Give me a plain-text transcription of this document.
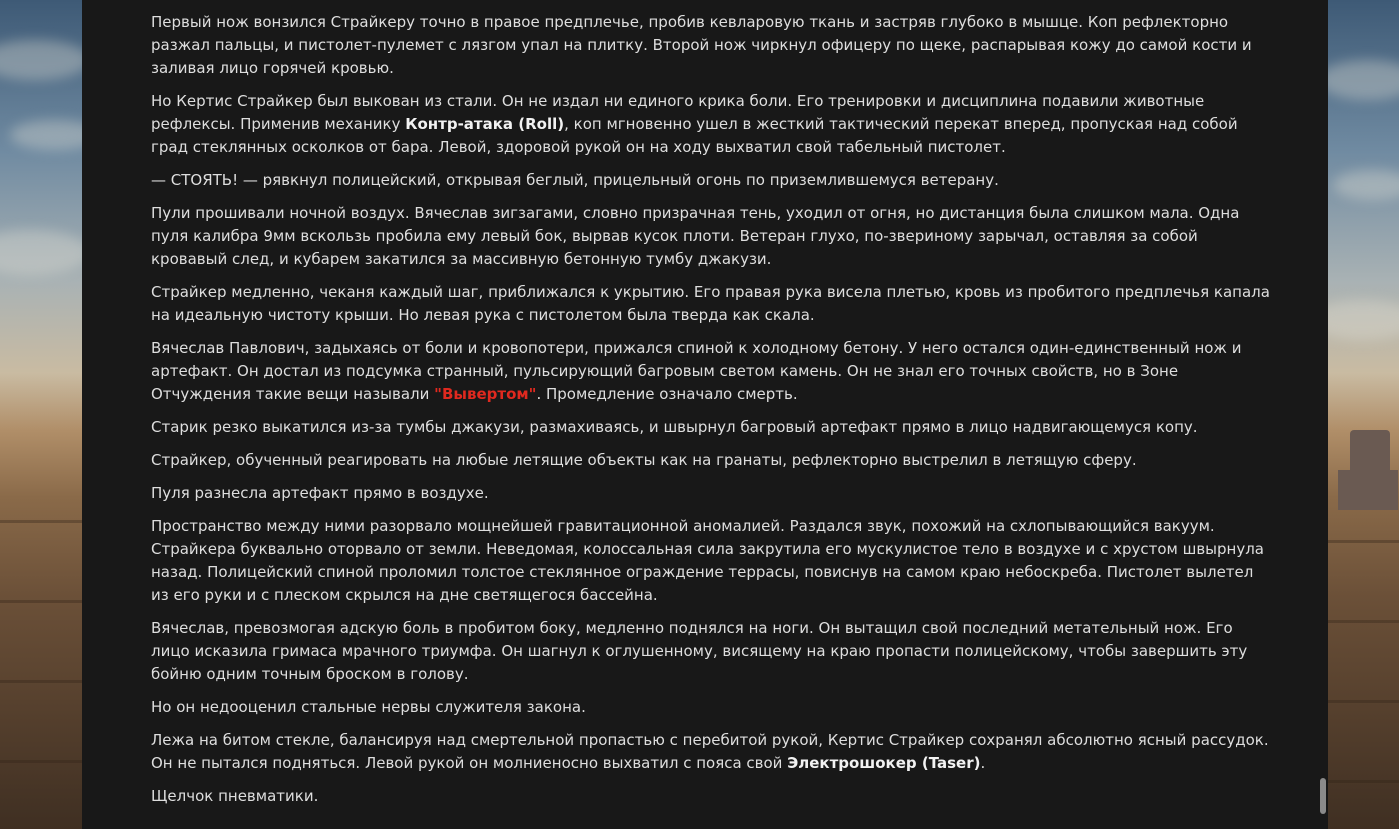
Первый нож вонзился Страйкеру точно в правое предплечье, пробив кевларовую ткань и застряв глубоко в мышце. Коп рефлекторно разжал пальцы, и пистолет-пулемет с лязгом упал на плитку. Второй нож чиркнул офицеру по щеке, распарывая кожу до самой кости и заливая лицо горячей кровью.

Но Кертис Страйкер был выкован из стали. Он не издал ни единого крика боли. Его тренировки и дисциплина подавили животные рефлексы. Применив механику Контр-атака (Roll), коп мгновенно ушел в жесткий тактический перекат вперед, пропуская над собой град стеклянных осколков от бара. Левой, здоровой рукой он на ходу выхватил свой табельный пистолет.

— СТОЯТЬ! — рявкнул полицейский, открывая беглый, прицельный огонь по приземлившемуся ветерану.

Пули прошивали ночной воздух. Вячеслав зигзагами, словно призрачная тень, уходил от огня, но дистанция была слишком мала. Одна пуля калибра 9мм вскользь пробила ему левый бок, вырвав кусок плоти. Ветеран глухо, по-звериному зарычал, оставляя за собой кровавый след, и кубарем закатился за массивную бетонную тумбу джакузи.

Страйкер медленно, чеканя каждый шаг, приближался к укрытию. Его правая рука висела плетью, кровь из пробитого предплечья капала на идеальную чистоту крыши. Но левая рука с пистолетом была тверда как скала.

Вячеслав Павлович, задыхаясь от боли и кровопотери, прижался спиной к холодному бетону. У него остался один-единственный нож и артефакт. Он достал из подсумка странный, пульсирующий багровым светом камень. Он не знал его точных свойств, но в Зоне Отчуждения такие вещи называли "Вывертом". Промедление означало смерть.

Старик резко выкатился из-за тумбы джакузи, размахиваясь, и швырнул багровый артефакт прямо в лицо надвигающемуся копу.

Страйкер, обученный реагировать на любые летящие объекты как на гранаты, рефлекторно выстрелил в летящую сферу.

Пуля разнесла артефакт прямо в воздухе.

Пространство между ними разорвало мощнейшей гравитационной аномалией. Раздался звук, похожий на схлопывающийся вакуум. Страйкера буквально оторвало от земли. Неведомая, колоссальная сила закрутила его мускулистое тело в воздухе и с хрустом швырнула назад. Полицейский спиной проломил толстое стеклянное ограждение террасы, повиснув на самом краю небоскреба. Пистолет вылетел из его руки и с плеском скрылся на дне светящегося бассейна.

Вячеслав, превозмогая адскую боль в пробитом боку, медленно поднялся на ноги. Он вытащил свой последний метательный нож. Его лицо исказила гримаса мрачного триумфа. Он шагнул к оглушенному, висящему на краю пропасти полицейскому, чтобы завершить эту бойню одним точным броском в голову.

Но он недооценил стальные нервы служителя закона.

Лежа на битом стекле, балансируя над смертельной пропастью с перебитой рукой, Кертис Страйкер сохранял абсолютно ясный рассудок. Он не пытался подняться. Левой рукой он молниеносно выхватил с пояса свой Электрошокер (Taser).

Щелчок пневматики.
